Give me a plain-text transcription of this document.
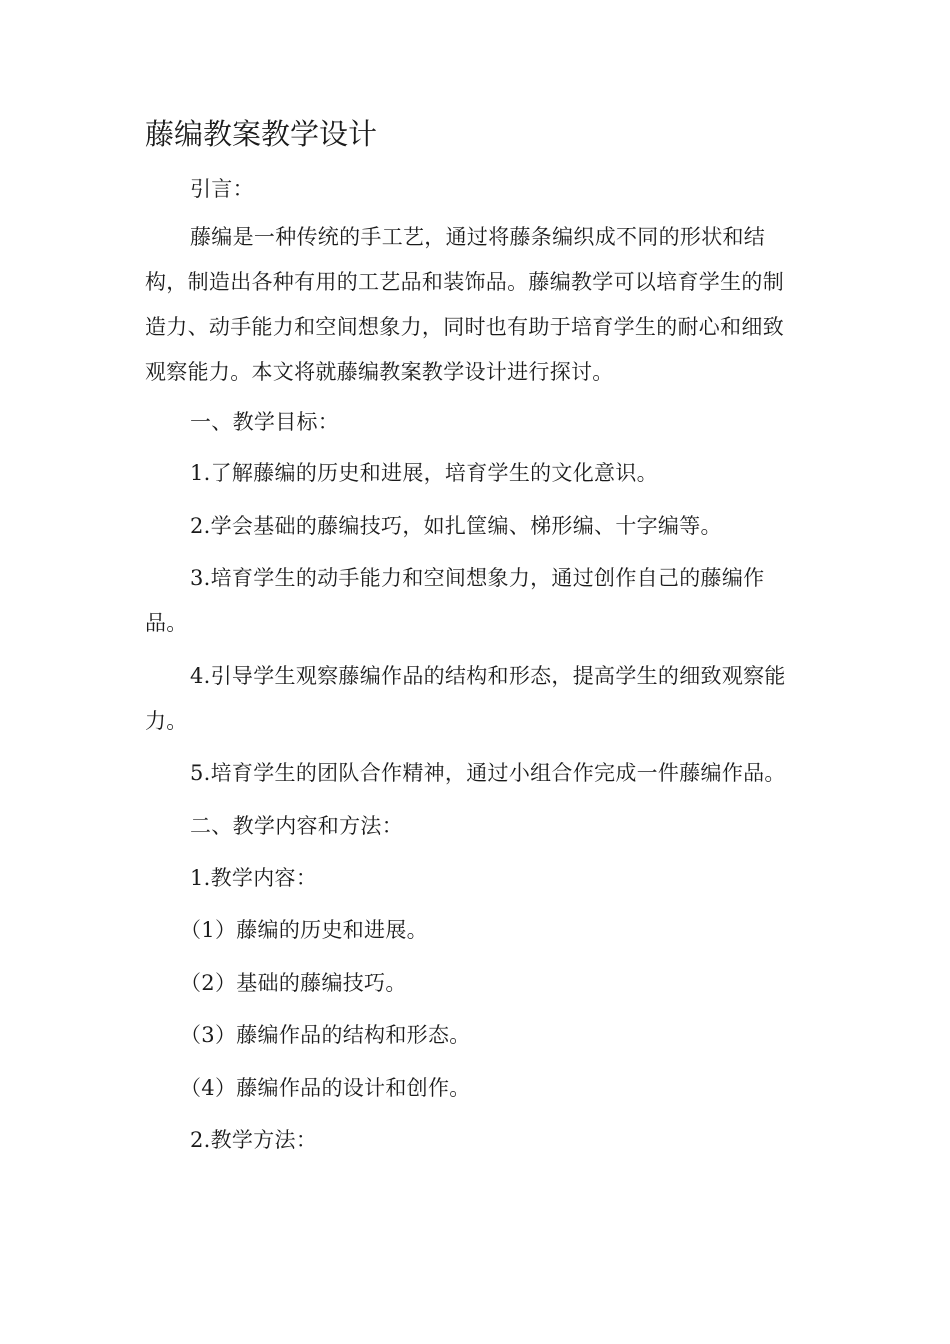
藤编教案教学设计

引言：

藤编是一种传统的手工艺，通过将藤条编织成不同的形状和结构，制造出各种有用的工艺品和装饰品。藤编教学可以培育学生的制造力、动手能力和空间想象力，同时也有助于培育学生的耐心和细致观察能力。本文将就藤编教案教学设计进行探讨。

一、教学目标：

1.了解藤编的历史和进展，培育学生的文化意识。

2.学会基础的藤编技巧，如扎筐编、梯形编、十字编等。

3.培育学生的动手能力和空间想象力，通过创作自己的藤编作品。

4.引导学生观察藤编作品的结构和形态，提高学生的细致观察能力。

5.培育学生的团队合作精神，通过小组合作完成一件藤编作品。

二、教学内容和方法：

1.教学内容：

（1）藤编的历史和进展。

（2）基础的藤编技巧。

（3）藤编作品的结构和形态。

（4）藤编作品的设计和创作。

2.教学方法：
